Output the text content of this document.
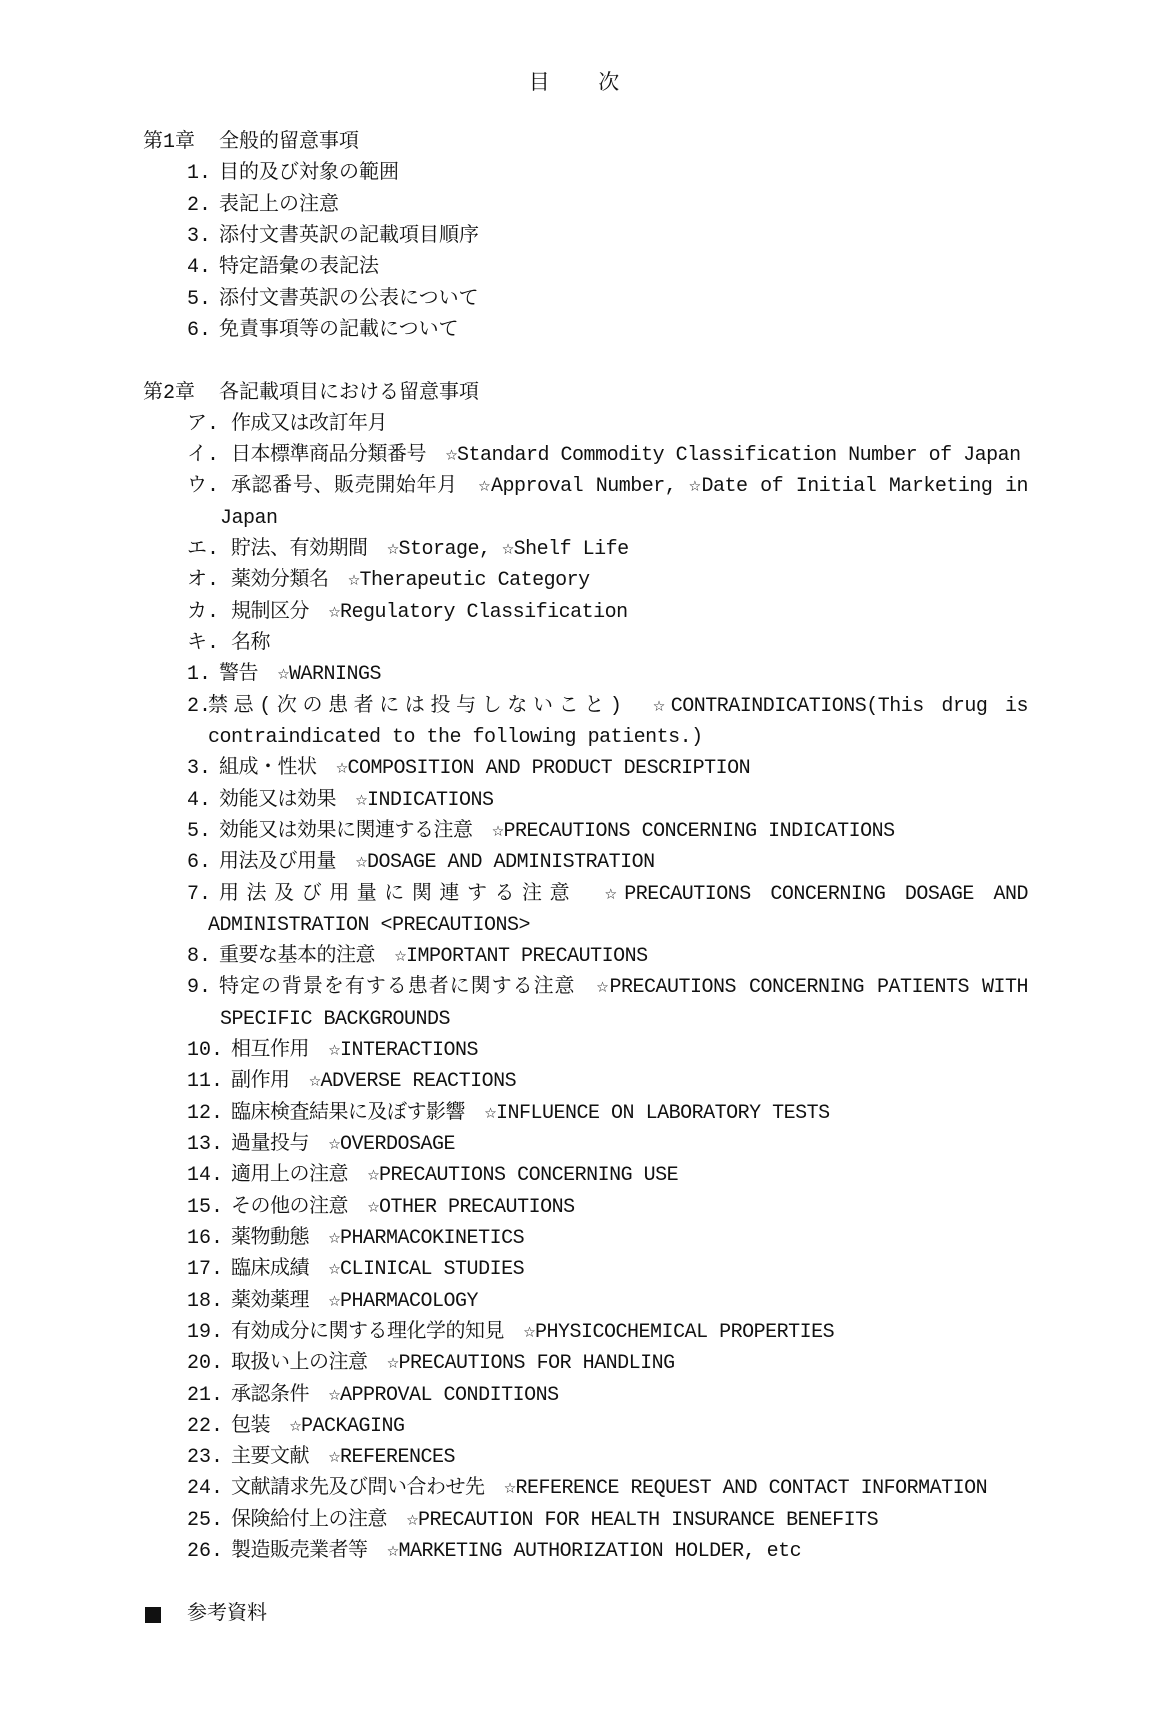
目 次

第1章

全般的留意事項

1. 目的及び対象の範囲
2. 表記上の注意
3. 添付文書英訳の記載項目順序
4. 特定語彙の表記法
5. 添付文書英訳の公表について
6. 免責事項等の記載について

第2章

各記載項目における留意事項

ア. 作成又は改訂年月
イ. 日本標準商品分類番号　☆Standard Commodity Classification Number of Japan
ウ. 承認番号、販売開始年月　☆Approval Number, ☆Date of Initial Marketing in
Japan
エ. 貯法、有効期間　☆Storage, ☆Shelf Life
オ. 薬効分類名　☆Therapeutic Category
カ. 規制区分　☆Regulatory Classification
キ. 名称
1. 警告　☆WARNINGS
2.
禁忌(次の患者には投与しないこと)　☆CONTRAINDICATIONS(This drug is
contraindicated to the following patients.)
3. 組成・性状　☆COMPOSITION AND PRODUCT DESCRIPTION
4. 効能又は効果　☆INDICATIONS
5. 効能又は効果に関連する注意　☆PRECAUTIONS CONCERNING INDICATIONS
6. 用法及び用量　☆DOSAGE AND ADMINISTRATION
7. 用法及び用量に関連する注意　☆PRECAUTIONS CONCERNING DOSAGE AND
ADMINISTRATION <PRECAUTIONS>
8. 重要な基本的注意　☆IMPORTANT PRECAUTIONS
9. 特定の背景を有する患者に関する注意　☆PRECAUTIONS CONCERNING PATIENTS WITH
SPECIFIC BACKGROUNDS
10. 相互作用　☆INTERACTIONS
11. 副作用　☆ADVERSE REACTIONS
12. 臨床検査結果に及ぼす影響　☆INFLUENCE ON LABORATORY TESTS
13. 過量投与　☆OVERDOSAGE
14. 適用上の注意　☆PRECAUTIONS CONCERNING USE
15. その他の注意　☆OTHER PRECAUTIONS
16. 薬物動態　☆PHARMACOKINETICS
17. 臨床成績　☆CLINICAL STUDIES
18. 薬効薬理　☆PHARMACOLOGY
19. 有効成分に関する理化学的知見　☆PHYSICOCHEMICAL PROPERTIES
20. 取扱い上の注意　☆PRECAUTIONS FOR HANDLING
21. 承認条件　☆APPROVAL CONDITIONS
22. 包装　☆PACKAGING
23. 主要文献　☆REFERENCES
24. 文献請求先及び問い合わせ先　☆REFERENCE REQUEST AND CONTACT INFORMATION
25. 保険給付上の注意　☆PRECAUTION FOR HEALTH INSURANCE BENEFITS
26. 製造販売業者等　☆MARKETING AUTHORIZATION HOLDER, etc

参考資料
